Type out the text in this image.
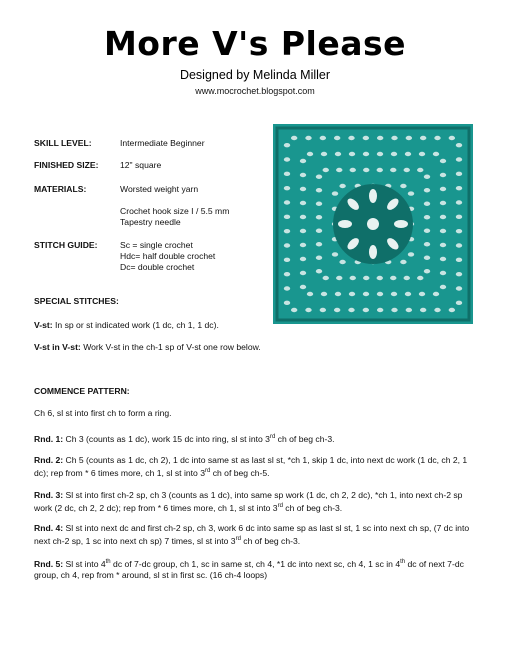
More V's Please
Designed by Melinda Miller
www.mocrochet.blogspot.com
SKILL LEVEL:	Intermediate Beginner
FINISHED SIZE:	12" square
MATERIALS:	Worsted weight yarn
Crochet hook size I / 5.5 mm
Tapestry needle
STITCH GUIDE:	Sc = single crochet
Hdc= half double crochet
Dc= double crochet
SPECIAL STITCHES:
V-st: In sp or st indicated work (1 dc, ch 1, 1 dc).
V-st in V-st: Work V-st in the ch-1 sp of V-st one row below.
COMMENCE PATTERN:
Ch 6, sl st into first ch to form a ring.
Rnd. 1: Ch 3 (counts as 1 dc), work 15 dc into ring, sl st into 3rd ch of beg ch-3.
Rnd. 2: Ch 5 (counts as 1 dc, ch 2), 1 dc into same st as last sl st, *ch 1, skip 1 dc, into next dc work (1 dc, ch 2, 1 dc); rep from * 6 times more, ch 1, sl st into 3rd ch of beg ch-5.
Rnd. 3: Sl st into first ch-2 sp, ch 3 (counts as 1 dc), into same sp work (1 dc, ch 2, 2 dc), *ch 1, into next ch-2 sp work (2 dc, ch 2, 2 dc); rep from * 6 times more, ch 1, sl st into 3rd ch of beg ch-3.
Rnd. 4: Sl st into next dc and first ch-2 sp, ch 3, work 6 dc into same sp as last sl st, 1 sc into next ch sp, (7 dc into next ch-2 sp, 1 sc into next ch sp) 7 times, sl st into 3rd ch of beg ch-3.
Rnd. 5: Sl st into 4th dc of 7-dc group, ch 1, sc in same st, ch 4, *1 dc into next sc, ch 4, 1 sc in 4th dc of next 7-dc group, ch 4, rep from * around, sl st in first sc. (16 ch-4 loops)
